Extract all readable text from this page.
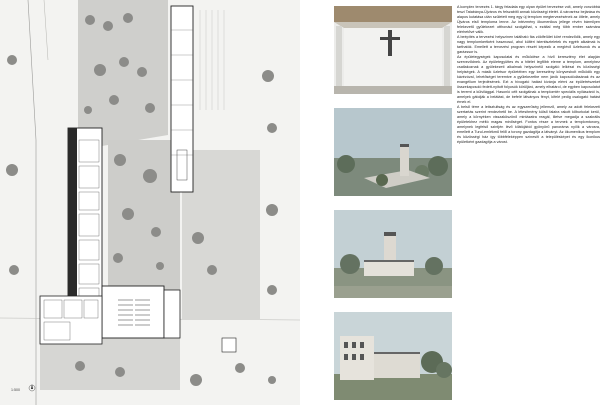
1:500

A komplex tervezés 1. tárgy feladata egy olyan épület tervezése volt, amely vonzóbbá teszi Tatabánya-Újváros és felszabítli annak közösségi életét. A városrész bejárása és alapos kutatása után született meg egy új templom megtervezésének az ötlete, amely Újváros első temploma lenne. Az intézmény ökumenikus jellege révén bármilyen felekezetű gyülekezet otthonául szolgálhat, s ezáltal még több ember számára elérhetővé válik.

A beépítés a tervezési helyszínen található fás zöldfelület köré rendeződik, amely egy nagy templomkertként hasznosul, ahol kültéri istentiszteletek és egyéb alkalmak is tarthatók. Emellett a tervezési program részét képezik a meglévő üzletsorok és a garázssor is.

Az épületegységek kapcsolatai és működése a hívő keresztény élet alapján szerveződnek. Az épületegyüttes és a hitélet legfőbb eleme a templom, amelyhez csatlakoznak a gyülekezeti alkalmak helyszínéül szolgáló lelkészi és közösségi helyiségek. A másik üzletsor épületében egy keresztény könyvesbolt működik egy kávézóval, lehetőséget teremtve a gyülekezetbe nem járók kapcsolódásának és az evangélium terjedésének. Ezt a hívogató hatást kívánja elérni az épületrészeket összekapcsoló fedett-nyitott folyosók körüljáró, amely elhatárol, de egyben kapcsolatot is teremt a külvilággal. Hasonló célt szolgálnak a templomtér speciális nyílászárói is, amelyek gátolják a belátást, de befelé látványos fényt, kifelé pedig csalogató hatást érnek el.

A belső térre a letisztultság és az egyszerűség jellemző, amely az adott felekezeti szertartás szerint rendezhető be. A létesítmény külső falaira rakott kőburkolat kerül, amely a környéken visszaköszönő mintázatra reagál, illetve megadja a szakrális épületekhez méltó magas minőséget. Fontos része a tervnek a templomtorony, amelynek legfelső szintjén lévő kilátójából gyönyörű panoráma nyílik a városra, emellett a Turul-emlékmű felől a torony gazdagítja a látványt. Az ökumenikus templom és közösségi ház így többféleképpen színesíti a településképet és egy ikonikus épületként gazdagítja a várost.
